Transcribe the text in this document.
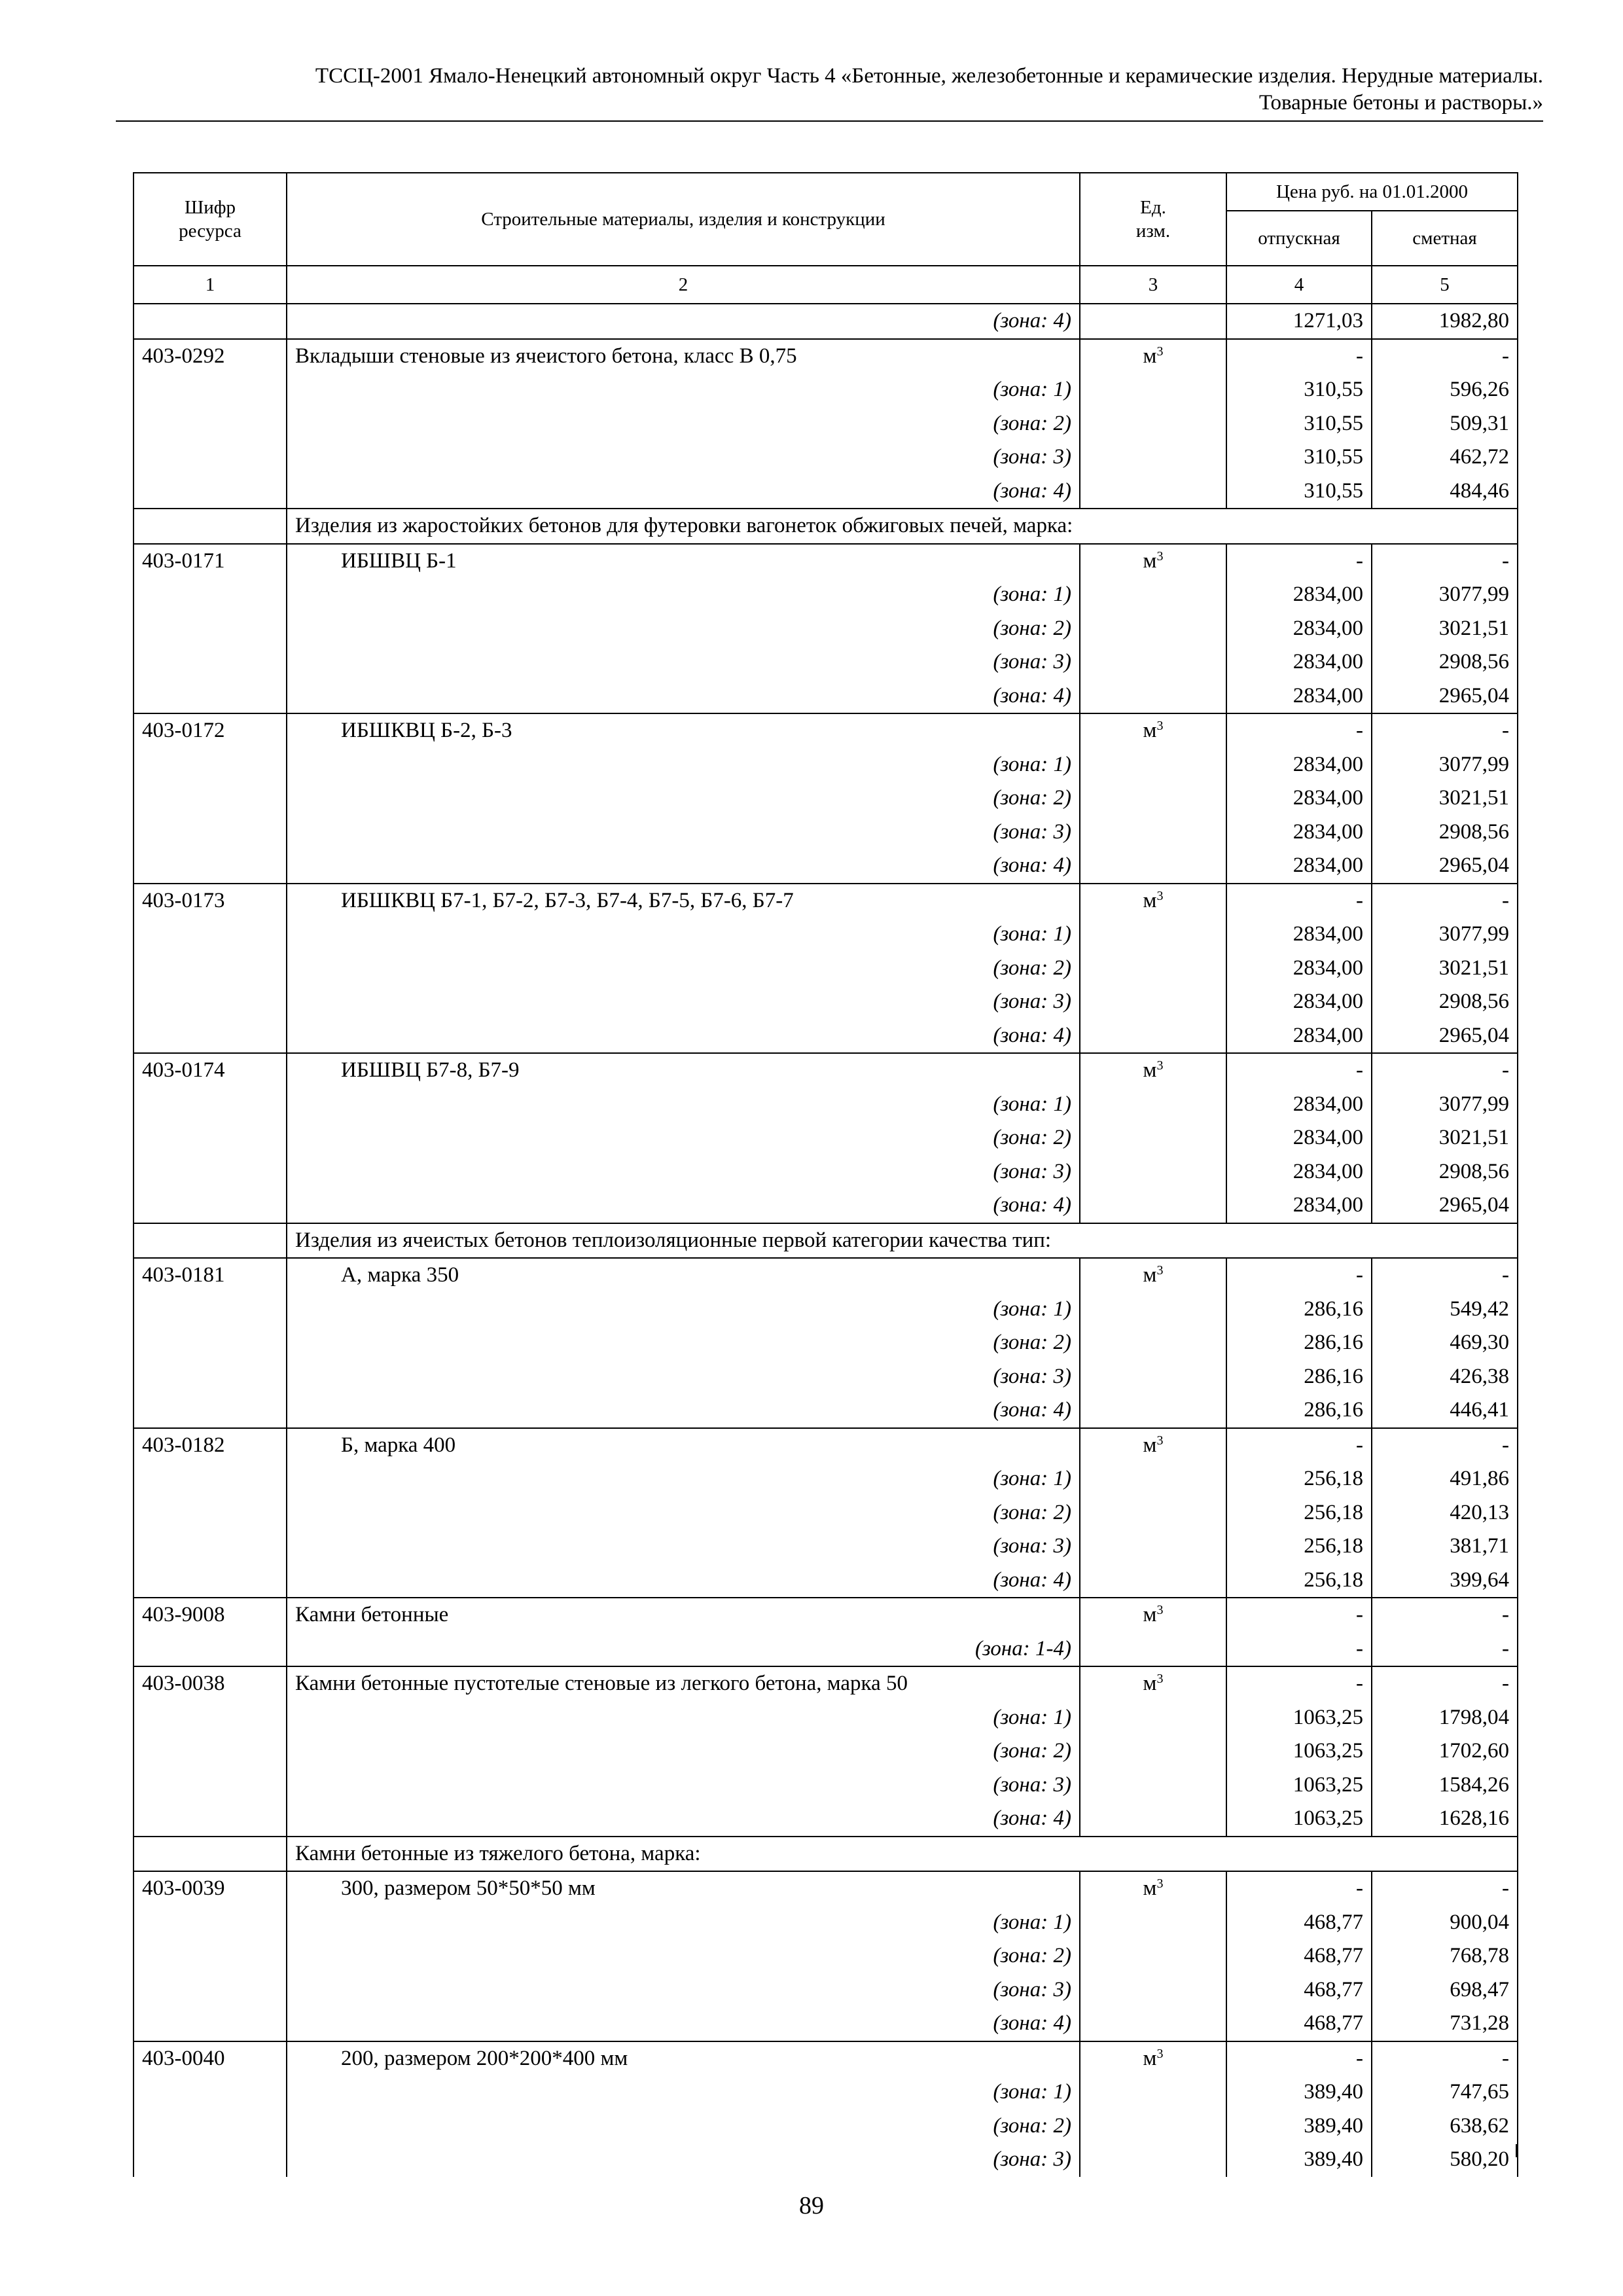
ТССЦ-2001 Ямало-Ненецкий автономный округ Часть 4 «Бетонные, железобетонные и керамические изделия. Нерудные материалы.
Товарные бетоны и растворы.»
Шифр ресурса	Строительные материалы, изделия и конструкции	Ед. изм.	Цена руб. на 01.01.2000	
			отпускная	сметная
1	2	3	4	5
	(зона: 4)		1271,03	1982,80
403-0292	Вкладыши стеновые из ячеистого бетона, класс В 0,75	$м^3$	-	-
	(зона: 1)		310,55	596,26
	(зона: 2)		310,55	509,31
	(зона: 3)		310,55	462,72
	(зона: 4)		310,55	484,46
	Изделия из жаростойких бетонов для футеровки вагонеток обжиговых печей, марка:			
403-0171	ИБШВЦ Б-1	$м^3$	-	-
	(зона: 1)		2834,00	3077,99
	(зона: 2)		2834,00	3021,51
	(зона: 3)		2834,00	2908,56
	(зона: 4)		2834,00	2965,04
403-0172	ИБШКВЦ Б-2, Б-3	$м^3$	-	-
	(зона: 1)		2834,00	3077,99
	(зона: 2)		2834,00	3021,51
	(зона: 3)		2834,00	2908,56
	(зона: 4)		2834,00	2965,04
403-0173	ИБШКВЦ Б7-1, Б7-2, Б7-3, Б7-4, Б7-5, Б7-6, Б7-7	$м^3$	-	-
	(зона: 1)		2834,00	3077,99
	(зона: 2)		2834,00	3021,51
	(зона: 3)		2834,00	2908,56
	(зона: 4)		2834,00	2965,04
403-0174	ИБШВЦ Б7-8, Б7-9	$м^3$	-	-
	(зона: 1)		2834,00	3077,99
	(зона: 2)		2834,00	3021,51
	(зона: 3)		2834,00	2908,56
	(зона: 4)		2834,00	2965,04
	Изделия из ячеистых бетонов теплоизоляционные первой категории качества тип:			
403-0181	А, марка 350	$м^3$	-	-
	(зона: 1)		286,16	549,42
	(зона: 2)		286,16	469,30
	(зона: 3)		286,16	426,38
	(зона: 4)		286,16	446,41
403-0182	Б, марка 400	$м^3$	-	-
	(зона: 1)		256,18	491,86
	(зона: 2)		256,18	420,13
	(зона: 3)		256,18	381,71
	(зона: 4)		256,18	399,64
403-9008	Камни бетонные	$м^3$	-	-
	(зона: 1-4)		-	-
403-0038	Камни бетонные пустотелые стеновые из легкого бетона, марка 50	$м^3$	-	-
	(зона: 1)		1063,25	1798,04
	(зона: 2)		1063,25	1702,60
	(зона: 3)		1063,25	1584,26
	(зона: 4)		1063,25	1628,16
	Камни бетонные из тяжелого бетона, марка:			
403-0039	300, размером 50*50*50 мм	$м^3$	-	-
	(зона: 1)		468,77	900,04
	(зона: 2)		468,77	768,78
	(зона: 3)		468,77	698,47
	(зона: 4)		468,77	731,28
403-0040	200, размером 200*200*400 мм	$м^3$	-	-
	(зона: 1)		389,40	747,65
	(зона: 2)		389,40	638,62
	(зона: 3)		389,40	580,20
89
